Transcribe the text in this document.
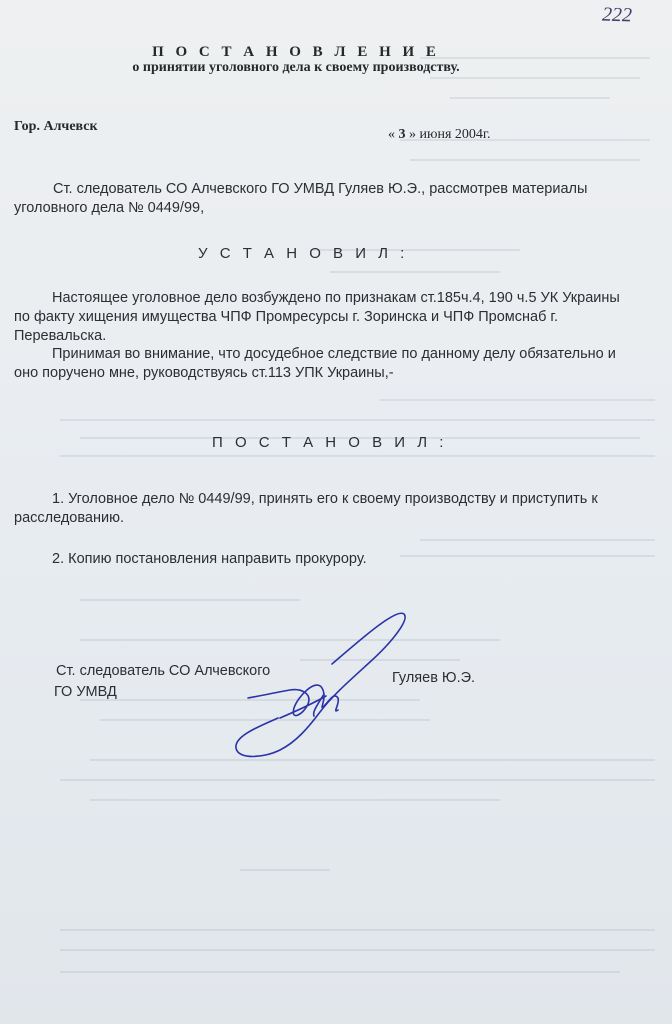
222
П О С Т А Н О В Л Е Н И Е
о принятии уголовного дела к своему производству.
Гор. Алчевск
« 3 » июня 2004г.
Ст. следователь СО Алчевского ГО УМВД Гуляев Ю.Э., рассмотрев материалы уголовного дела № 0449/99,
У С Т А Н О В И Л :
Настоящее уголовное дело возбуждено по признакам ст.185ч.4, 190 ч.5 УК Украины по факту хищения имущества ЧПФ Промресурсы г. Зоринска и ЧПФ Промснаб г. Перевальска.
Принимая во внимание, что досудебное следствие по данному делу обязательно и оно поручено мне, руководствуясь ст.113 УПК Украины,-
П О С Т А Н О В И Л :
1. Уголовное дело № 0449/99, принять его к своему производству и приступить к расследованию.
2. Копию постановления направить прокурору.
Ст. следователь СО Алчевского
ГО УМВД
Гуляев Ю.Э.
